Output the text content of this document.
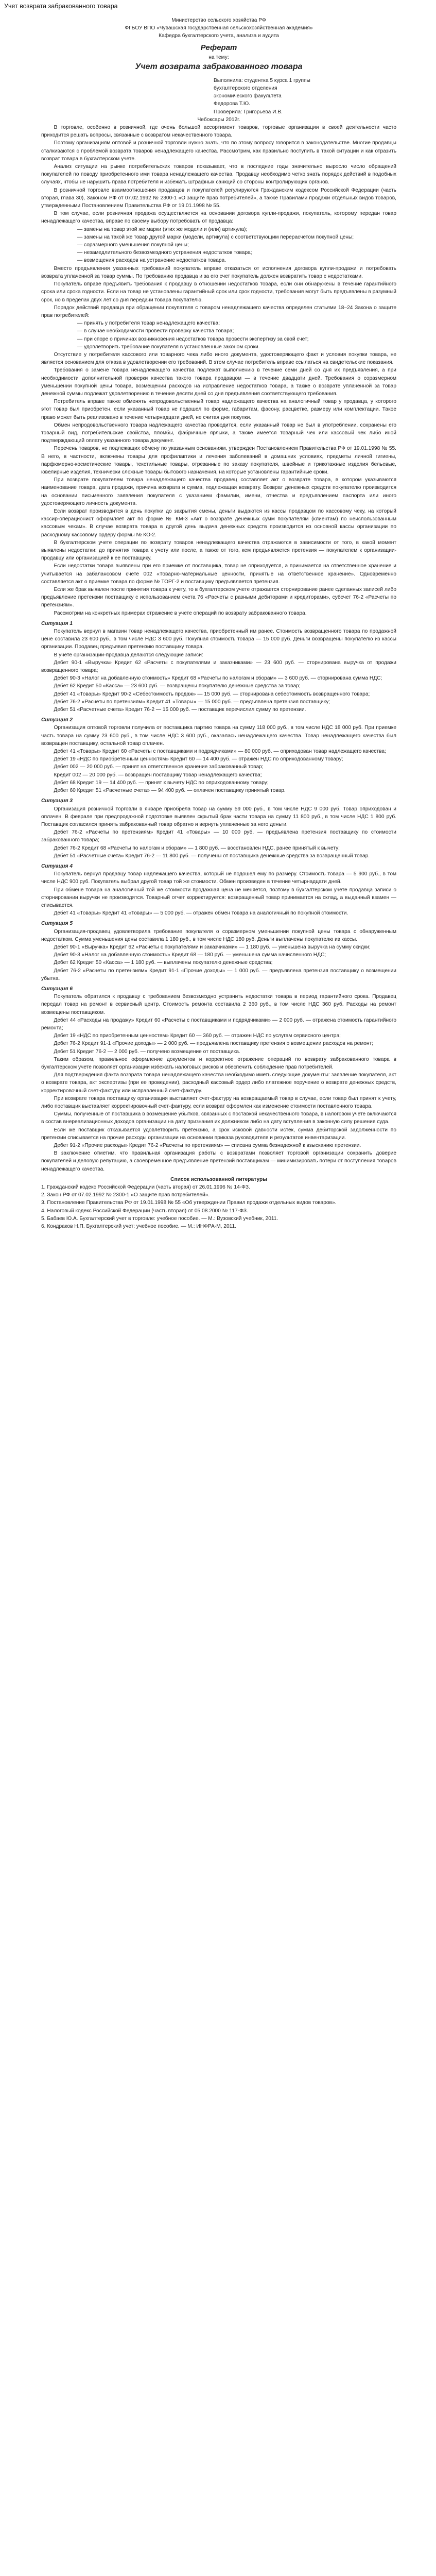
Учет возврата забракованного товара

Министерство сельского хозяйства РФ

ФГБОУ ВПО «Чувашская государственная сельскохозяйственная академия»

Кафедра бухгалтерского учета, анализа и аудита

Реферат

на тему:

Учет возврата забракованного товара

Выполнила: студентка 5 курса 1 группы

бухгалтерского отделения

экономического факультета

Федорова Т.Ю.

Проверила: Григорьева И.В.

Чебоксары 2012г.

В торговле, особенно в розничной, где очень большой ассортимент товаров, торговые организации в своей деятельности часто приходится решать вопросы, связанные с возвратом некачественного товара.

Поэтому организациям оптовой и розничной торговли нужно знать, что по этому вопросу говорится в законодательстве. Многие продавцы сталкиваются с проблемой возврата товаров ненадлежащего качества. Рассмотрим, как правильно поступить в такой ситуации и как отразить возврат товара в бухгалтерском учете.

Анализ ситуации на рынке потребительских товаров показывает, что в последние годы значительно выросло число обращений покупателей по поводу приобретенного ими товара ненадлежащего качества. Продавцу необходимо четко знать порядок действий в подобных случаях, чтобы не нарушить права потребителя и избежать штрафных санкций со стороны контролирующих органов.

В розничной торговле взаимоотношения продавцов и покупателей регулируются Гражданским кодексом Российской Федерации (часть вторая, глава 30), Законом РФ от 07.02.1992 № 2300-1 «О защите прав потребителей», а также Правилами продажи отдельных видов товаров, утвержденными Постановлением Правительства РФ от 19.01.1998 № 55.

В том случае, если розничная продажа осуществляется на основании договора купли-продажи, покупатель, которому передан товар ненадлежащего качества, вправе по своему выбору потребовать от продавца:

— замены на товар этой же марки (этих же модели и (или) артикула);

— замены на такой же товар другой марки (модели, артикула) с соответствующим перерасчетом покупной цены;

— соразмерного уменьшения покупной цены;

— незамедлительного безвозмездного устранения недостатков товара;

— возмещения расходов на устранение недостатков товара.

Вместо предъявления указанных требований покупатель вправе отказаться от исполнения договора купли-продажи и потребовать возврата уплаченной за товар суммы. По требованию продавца и за его счет покупатель должен возвратить товар с недостатками.

Покупатель вправе предъявить требования к продавцу в отношении недостатков товара, если они обнаружены в течение гарантийного срока или срока годности. Если на товар не установлены гарантийный срок или срок годности, требования могут быть предъявлены в разумный срок, но в пределах двух лет со дня передачи товара покупателю.

Порядок действий продавца при обращении покупателя с товаром ненадлежащего качества определен статьями 18–24 Закона о защите прав потребителей:

— принять у потребителя товар ненадлежащего качества;

— в случае необходимости провести проверку качества товара;

— при споре о причинах возникновения недостатков товара провести экспертизу за свой счет;

— удовлетворить требование покупателя в установленные законом сроки.

Отсутствие у потребителя кассового или товарного чека либо иного документа, удостоверяющего факт и условия покупки товара, не является основанием для отказа в удовлетворении его требований. В этом случае потребитель вправе ссылаться на свидетельские показания.

Требования о замене товара ненадлежащего качества подлежат выполнению в течение семи дней со дня их предъявления, а при необходимости дополнительной проверки качества такого товара продавцом — в течение двадцати дней. Требования о соразмерном уменьшении покупной цены товара, возмещении расходов на исправление недостатков товара, а также о возврате уплаченной за товар денежной суммы подлежат удовлетворению в течение десяти дней со дня предъявления соответствующего требования.

Потребитель вправе также обменять непродовольственный товар надлежащего качества на аналогичный товар у продавца, у которого этот товар был приобретен, если указанный товар не подошел по форме, габаритам, фасону, расцветке, размеру или комплектации. Такое право может быть реализовано в течение четырнадцати дней, не считая дня покупки.

Обмен непродовольственного товара надлежащего качества проводится, если указанный товар не был в употреблении, сохранены его товарный вид, потребительские свойства, пломбы, фабричные ярлыки, а также имеется товарный чек или кассовый чек либо иной подтверждающий оплату указанного товара документ.

Перечень товаров, не подлежащих обмену по указанным основаниям, утвержден Постановлением Правительства РФ от 19.01.1998 № 55. В него, в частности, включены товары для профилактики и лечения заболеваний в домашних условиях, предметы личной гигиены, парфюмерно-косметические товары, текстильные товары, отрезанные по заказу покупателя, швейные и трикотажные изделия бельевые, ювелирные изделия, технически сложные товары бытового назначения, на которые установлены гарантийные сроки.

При возврате покупателем товара ненадлежащего качества продавец составляет акт о возврате товара, в котором указываются наименование товара, дата продажи, причина возврата и сумма, подлежащая возврату. Возврат денежных средств покупателю производится на основании письменного заявления покупателя с указанием фамилии, имени, отчества и предъявлением паспорта или иного удостоверяющего личность документа.

Если возврат производится в день покупки до закрытия смены, деньги выдаются из кассы продавцом по кассовому чеку, на который кассир-операционист оформляет акт по форме № КМ-3 «Акт о возврате денежных сумм покупателям (клиентам) по неиспользованным кассовым чекам». В случае возврата товара в другой день выдача денежных средств производится из основной кассы организации по расходному кассовому ордеру формы № КО-2.

В бухгалтерском учете операции по возврату товаров ненадлежащего качества отражаются в зависимости от того, в какой момент выявлены недостатки: до принятия товара к учету или после, а также от того, кем предъявляется претензия — покупателем к организации-продавцу или организацией к ее поставщику.

Если недостатки товара выявлены при его приемке от поставщика, товар не оприходуется, а принимается на ответственное хранение и учитывается на забалансовом счете 002 «Товарно-материальные ценности, принятые на ответственное хранение». Одновременно составляется акт о приемке товара по форме № ТОРГ-2 и поставщику предъявляется претензия.

Если же брак выявлен после принятия товара к учету, то в бухгалтерском учете отражается сторнирование ранее сделанных записей либо предъявление претензии поставщику с использованием счета 76 «Расчеты с разными дебиторами и кредиторами», субсчет 76-2 «Расчеты по претензиям».

Рассмотрим на конкретных примерах отражение в учете операций по возврату забракованного товара.

Ситуация 1

Покупатель вернул в магазин товар ненадлежащего качества, приобретенный им ранее. Стоимость возвращенного товара по продажной цене составила 23 600 руб., в том числе НДС 3 600 руб. Покупная стоимость товара — 15 000 руб. Деньги возвращены покупателю из кассы организации. Продавец предъявил претензию поставщику товара.

В учете организации-продавца делаются следующие записи:

Дебет 90-1 «Выручка» Кредит 62 «Расчеты с покупателями и заказчиками» — 23 600 руб. — сторнирована выручка от продажи возвращенного товара;

Дебет 90-3 «Налог на добавленную стоимость» Кредит 68 «Расчеты по налогам и сборам» — 3 600 руб. — сторнирована сумма НДС;

Дебет 62 Кредит 50 «Касса» — 23 600 руб. — возвращены покупателю денежные средства за товар;

Дебет 41 «Товары» Кредит 90-2 «Себестоимость продаж» — 15 000 руб. — сторнирована себестоимость возвращенного товара;

Дебет 76-2 «Расчеты по претензиям» Кредит 41 «Товары» — 15 000 руб. — предъявлена претензия поставщику;

Дебет 51 «Расчетные счета» Кредит 76-2 — 15 000 руб. — поставщик перечислил сумму по претензии.

Ситуация 2

Организация оптовой торговли получила от поставщика партию товара на сумму 118 000 руб., в том числе НДС 18 000 руб. При приемке часть товара на сумму 23 600 руб., в том числе НДС 3 600 руб., оказалась ненадлежащего качества. Товар ненадлежащего качества был возвращен поставщику, остальной товар оплачен.

Дебет 41 «Товары» Кредит 60 «Расчеты с поставщиками и подрядчиками» — 80 000 руб. — оприходован товар надлежащего качества;

Дебет 19 «НДС по приобретенным ценностям» Кредит 60 — 14 400 руб. — отражен НДС по оприходованному товару;

Дебет 002 — 20 000 руб. — принят на ответственное хранение забракованный товар;

Кредит 002 — 20 000 руб. — возвращен поставщику товар ненадлежащего качества;

Дебет 68 Кредит 19 — 14 400 руб. — принят к вычету НДС по оприходованному товару;

Дебет 60 Кредит 51 «Расчетные счета» — 94 400 руб. — оплачен поставщику принятый товар.

Ситуация 3

Организация розничной торговли в январе приобрела товар на сумму 59 000 руб., в том числе НДС 9 000 руб. Товар оприходован и оплачен. В феврале при предпродажной подготовке выявлен скрытый брак части товара на сумму 11 800 руб., в том числе НДС 1 800 руб. Поставщик согласился принять забракованный товар обратно и вернуть уплаченные за него деньги.

Дебет 76-2 «Расчеты по претензиям» Кредит 41 «Товары» — 10 000 руб. — предъявлена претензия поставщику по стоимости забракованного товара;

Дебет 76-2 Кредит 68 «Расчеты по налогам и сборам» — 1 800 руб. — восстановлен НДС, ранее принятый к вычету;

Дебет 51 «Расчетные счета» Кредит 76-2 — 11 800 руб. — получены от поставщика денежные средства за возвращенный товар.

Ситуация 4

Покупатель вернул продавцу товар надлежащего качества, который не подошел ему по размеру. Стоимость товара — 5 900 руб., в том числе НДС 900 руб. Покупатель выбрал другой товар той же стоимости. Обмен произведен в течение четырнадцати дней.

При обмене товара на аналогичный той же стоимости продажная цена не меняется, поэтому в бухгалтерском учете продавца записи о сторнировании выручки не производятся. Товарный отчет корректируется: возвращенный товар принимается на склад, а выданный взамен — списывается.

Дебет 41 «Товары» Кредит 41 «Товары» — 5 000 руб. — отражен обмен товара на аналогичный по покупной стоимости.

Ситуация 5

Организация-продавец удовлетворила требование покупателя о соразмерном уменьшении покупной цены товара с обнаруженным недостатком. Сумма уменьшения цены составила 1 180 руб., в том числе НДС 180 руб. Деньги выплачены покупателю из кассы.

Дебет 90-1 «Выручка» Кредит 62 «Расчеты с покупателями и заказчиками» — 1 180 руб. — уменьшена выручка на сумму скидки;

Дебет 90-3 «Налог на добавленную стоимость» Кредит 68 — 180 руб. — уменьшена сумма начисленного НДС;

Дебет 62 Кредит 50 «Касса» — 1 180 руб. — выплачены покупателю денежные средства;

Дебет 76-2 «Расчеты по претензиям» Кредит 91-1 «Прочие доходы» — 1 000 руб. — предъявлена претензия поставщику о возмещении убытка.

Ситуация 6

Покупатель обратился к продавцу с требованием безвозмездно устранить недостатки товара в период гарантийного срока. Продавец передал товар на ремонт в сервисный центр. Стоимость ремонта составила 2 360 руб., в том числе НДС 360 руб. Расходы на ремонт возмещены поставщиком.

Дебет 44 «Расходы на продажу» Кредит 60 «Расчеты с поставщиками и подрядчиками» — 2 000 руб. — отражена стоимость гарантийного ремонта;

Дебет 19 «НДС по приобретенным ценностям» Кредит 60 — 360 руб. — отражен НДС по услугам сервисного центра;

Дебет 76-2 Кредит 91-1 «Прочие доходы» — 2 000 руб. — предъявлена поставщику претензия о возмещении расходов на ремонт;

Дебет 51 Кредит 76-2 — 2 000 руб. — получено возмещение от поставщика.

Таким образом, правильное оформление документов и корректное отражение операций по возврату забракованного товара в бухгалтерском учете позволяет организации избежать налоговых рисков и обеспечить соблюдение прав потребителей.

Для подтверждения факта возврата товара ненадлежащего качества необходимо иметь следующие документы: заявление покупателя, акт о возврате товара, акт экспертизы (при ее проведении), расходный кассовый ордер либо платежное поручение о возврате денежных средств, корректировочный счет-фактуру или исправленный счет-фактуру.

При возврате товара поставщику организация выставляет счет-фактуру на возвращаемый товар в случае, если товар был принят к учету, либо поставщик выставляет корректировочный счет-фактуру, если возврат оформлен как изменение стоимости поставленного товара.

Суммы, полученные от поставщика в возмещение убытков, связанных с поставкой некачественного товара, в налоговом учете включаются в состав внереализационных доходов организации на дату признания их должником либо на дату вступления в законную силу решения суда.

Если же поставщик отказывается удовлетворить претензию, а срок исковой давности истек, сумма дебиторской задолженности по претензии списывается на прочие расходы организации на основании приказа руководителя и результатов инвентаризации.

Дебет 91-2 «Прочие расходы» Кредит 76-2 «Расчеты по претензиям» — списана сумма безнадежной к взысканию претензии.

В заключение отметим, что правильная организация работы с возвратами позволяет торговой организации сохранить доверие покупателей и деловую репутацию, а своевременное предъявление претензий поставщикам — минимизировать потери от поступления товаров ненадлежащего качества.

Список использованной литературы

1. Гражданский кодекс Российской Федерации (часть вторая) от 26.01.1996 № 14-ФЗ.

2. Закон РФ от 07.02.1992 № 2300-1 «О защите прав потребителей».

3. Постановление Правительства РФ от 19.01.1998 № 55 «Об утверждении Правил продажи отдельных видов товаров».

4. Налоговый кодекс Российской Федерации (часть вторая) от 05.08.2000 № 117-ФЗ.

5. Бабаев Ю.А. Бухгалтерский учет в торговле: учебное пособие. — М.: Вузовский учебник, 2011.

6. Кондраков Н.П. Бухгалтерский учет: учебное пособие. — М.: ИНФРА-М, 2011.
